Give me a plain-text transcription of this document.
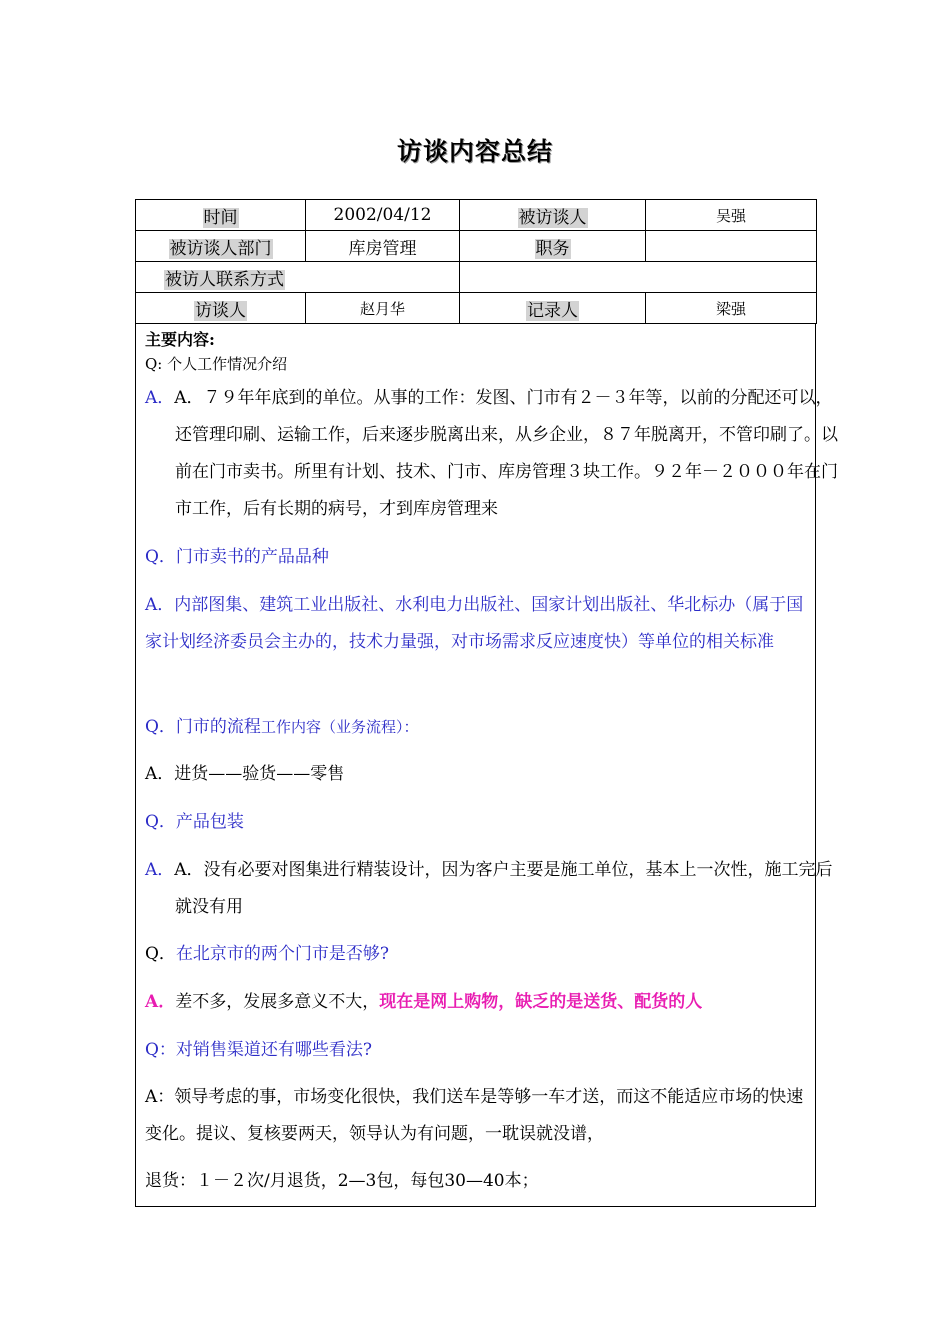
访谈内容总结
时间	2002/04/12	被访谈人	吴强
被访谈人部门	库房管理	职务	
被访人联系方式			
访谈人	赵月华	记录人	梁强
主要内容:
Q: 个人工作情况介绍
A．A．７９年年底到的单位。从事的工作：发图、门市有２－３年等，以前的分配还可以，还管理印刷、运输工作，后来逐步脱离出来，从乡企业，８７年脱离开，不管印刷了。以前在门市卖书。所里有计划、技术、门市、库房管理３块工作。９２年－２０００年在门市工作，后有长期的病号，才到库房管理来
Q．门市卖书的产品品种
A．内部图集、建筑工业出版社、水利电力出版社、国家计划出版社、华北标办（属于国家计划经济委员会主办的，技术力量强，对市场需求反应速度快）等单位的相关标准
Q．门市的流程工作内容（业务流程）：
A．进货——验货——零售
Q．产品包装
A．A．没有必要对图集进行精装设计，因为客户主要是施工单位，基本上一次性，施工完后就没有用
Q．在北京市的两个门市是否够?
A．差不多，发展多意义不大，现在是网上购物，缺乏的是送货、配货的人
Q：对销售渠道还有哪些看法?
A：领导考虑的事，市场变化很快，我们送车是等够一车才送，而这不能适应市场的快速变化。提议、复核要两天，领导认为有问题，一耽误就没谱，
退货：１－２次/月退货，2—3包，每包30—40本；
